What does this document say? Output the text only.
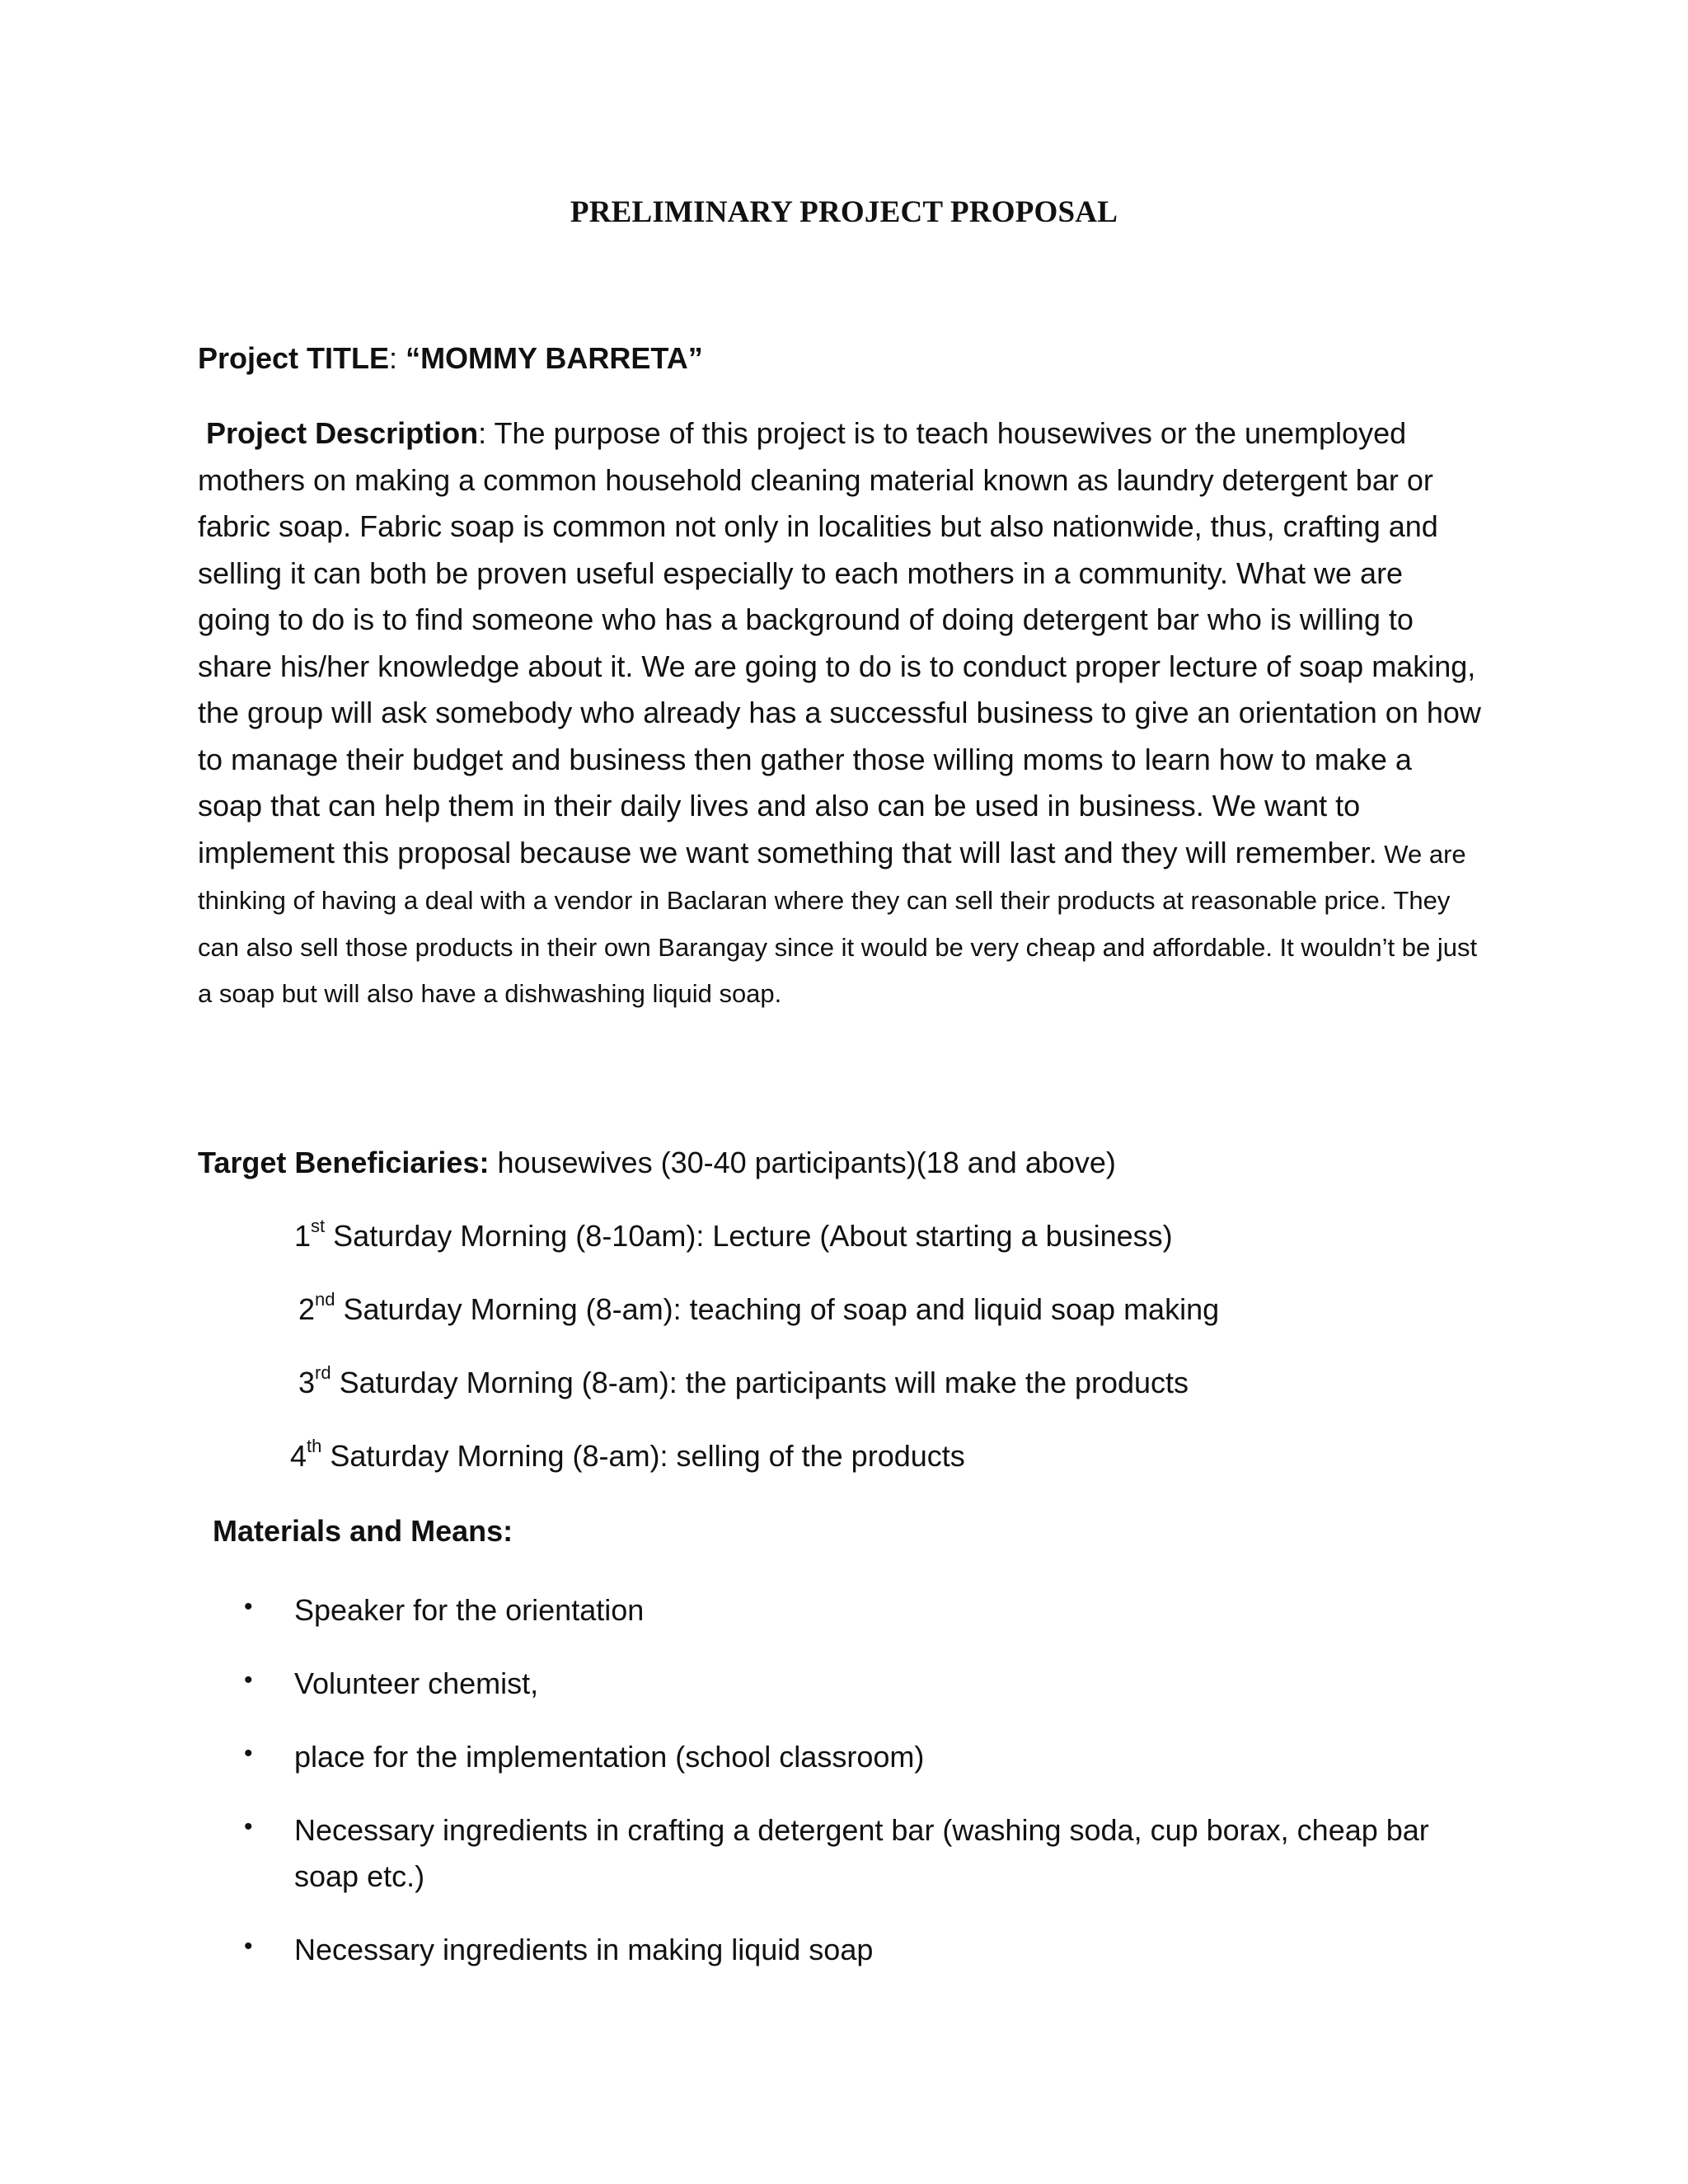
PRELIMINARY PROJECT PROPOSAL
Project TITLE: “MOMMY BARRETA”
Project Description: The purpose of this project is to teach housewives or the unemployed mothers on making a common household cleaning material known as laundry detergent bar or fabric soap. Fabric soap is common not only in localities but also nationwide, thus, crafting and selling it can both be proven useful especially to each mothers in a community. What we are going to do is to find someone who has a background of doing detergent bar who is willing to share his/her knowledge about it. We are going to do is to conduct proper lecture of soap making, the group will ask somebody who already has a successful business to give an orientation on how to manage their budget and business then gather those willing moms to learn how to make a soap that can help them in their daily lives and also can be used in business. We want to implement this proposal because we want something that will last and they will remember. We are thinking of having a deal with a vendor in Baclaran where they can sell their products at reasonable price. They can also sell those products in their own Barangay since it would be very cheap and affordable. It wouldn’t be just a soap but will also have a dishwashing liquid soap.
Target Beneficiaries: housewives (30-40 participants)(18 and above)
1st Saturday Morning (8-10am): Lecture (About starting a business)
2nd Saturday Morning (8-am): teaching of soap and liquid soap making
3rd Saturday Morning (8-am): the participants will make the products
4th Saturday Morning (8-am): selling of the products
Materials and Means:
• Speaker for the orientation
• Volunteer chemist,
• place for the implementation (school classroom)
• Necessary ingredients in crafting a detergent bar (washing soda, cup borax, cheap bar soap etc.)
• Necessary ingredients in making liquid soap
